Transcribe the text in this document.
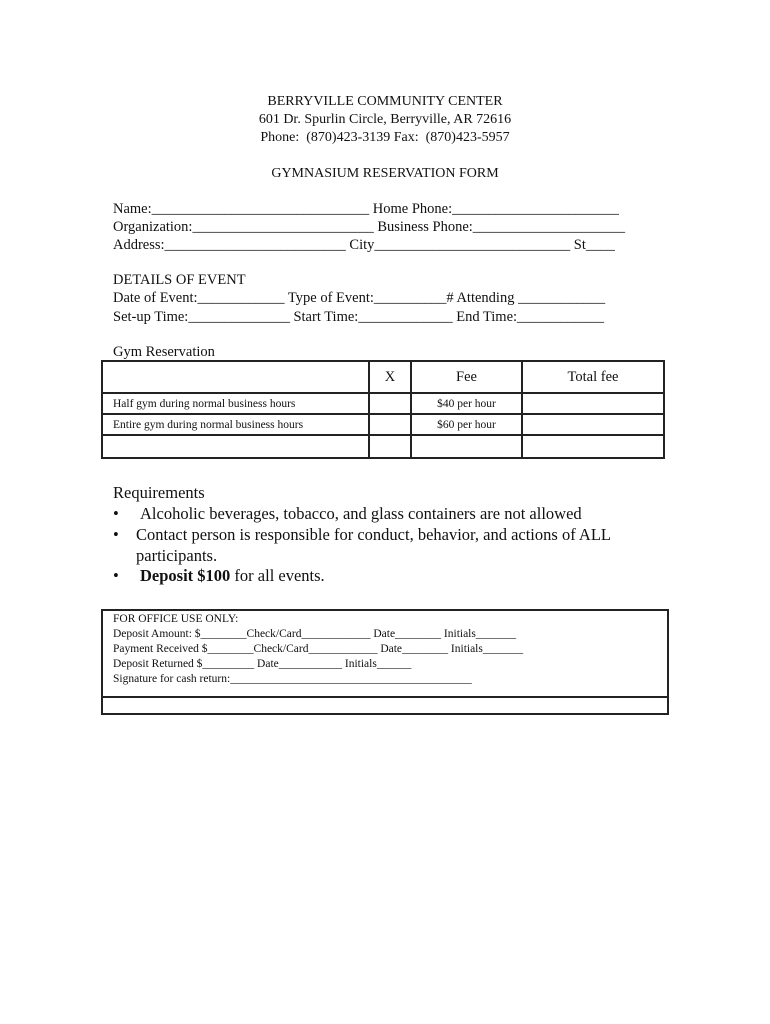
BERRYVILLE COMMUNITY CENTER
601 Dr. Spurlin Circle, Berryville, AR 72616
Phone:  (870)423-3139 Fax:  (870)423-5957
GYMNASIUM RESERVATION FORM
Name:______________________________ Home Phone:_______________________
Organization:_________________________ Business Phone:_____________________
Address:_________________________ City___________________________ St____
DETAILS OF EVENT
Date of Event:____________ Type of Event:__________# Attending ____________
Set-up Time:______________ Start Time:_____________ End Time:____________
Gym Reservation
	X	Fee	Total fee
Half gym during normal business hours		$40 per hour	
Entire gym during normal business hours		$60 per hour	

Requirements
• Alcoholic beverages, tobacco, and glass containers are not allowed
• Contact person is responsible for conduct, behavior, and actions of ALL
participants.
• Deposit $100 for all events.
FOR OFFICE USE ONLY:
Deposit Amount: $________Check/Card____________ Date________ Initials_______
Payment Received $________Check/Card____________ Date________ Initials_______
Deposit Returned $_________ Date___________ Initials______
Signature for cash return:__________________________________________
